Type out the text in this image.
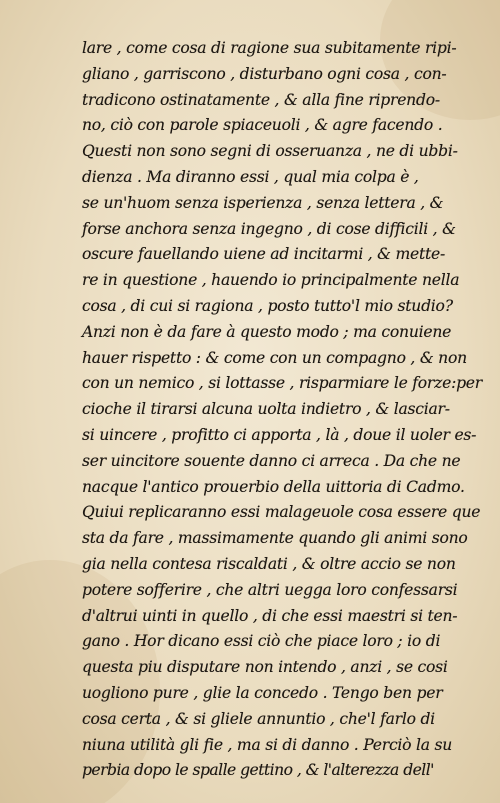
lare , come cosa di ragione sua subitamente ripi-
gliano , garriscono , disturbano ogni cosa , con-
tradicono ostinatamente , & alla fine riprendo-
no, ciò con parole spiaceuoli , & agre facendo .
Questi non sono segni di osseruanza , ne di ubbi-
dienza . Ma diranno essi , qual mia colpa è ,
se un'huom senza isperienza , senza lettera , &
forse anchora senza ingegno , di cose difficili , &
oscure fauellando uiene ad incitarmi , & mette-
re in questione , hauendo io principalmente nella
cosa , di cui si ragiona , posto tutto'l mio studio?
Anzi non è da fare à questo modo ; ma conuiene
hauer rispetto : & come con un compagno , & non
con un nemico , si lottasse , risparmiare le forze:per
cioche il tirarsi alcuna uolta indietro , & lasciar-
si uincere , profitto ci apporta , là , doue il uoler es-
ser uincitore souente danno ci arreca . Da che ne
nacque l'antico prouerbio della uittoria di Cadmo.
Quiui replicaranno essi malageuole cosa essere que
sta da fare , massimamente quando gli animi sono
gia nella contesa riscaldati , & oltre accio se non
potere sofferire , che altri uegga loro confessarsi
d'altrui uinti in quello , di che essi maestri si ten-
gano . Hor dicano essi ciò che piace loro ; io di
questa piu disputare non intendo , anzi , se cosi
uogliono pure , glie la concedo . Tengo ben per
cosa certa , & si gliele annuntio , che'l farlo di
niuna utilità gli fie , ma si di danno . Perciò la su
perbia dopo le spalle gettino , & l'alterezza dell'
